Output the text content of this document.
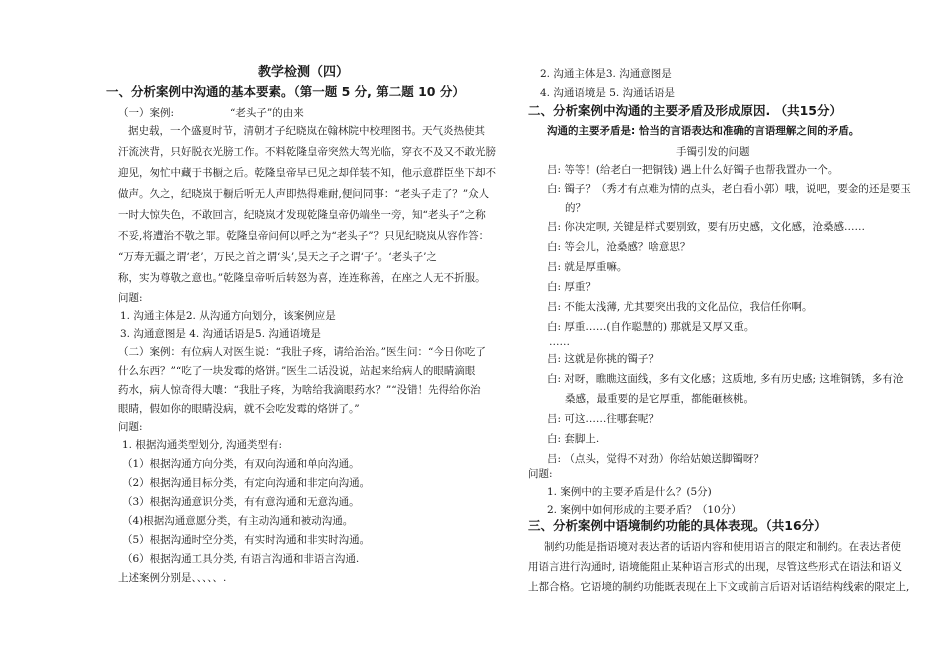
教学检测（四）
一、分析案例中沟通的基本要素。（第一题 5 分, 第二题 10 分）
（一）案例:	“老头子”的由来
据史载，一个盛夏时节，清朝才子纪晓岚在翰林院中校理图书。天气炎热使其
汗流浃背，只好脱衣光膀工作。不料乾隆皇帝突然大驾光临，穿衣不及又不敢光膀
迎见，匆忙中藏于书橱之后。乾隆皇帝早已见之却佯装不知，他示意群臣坐下却不
做声。久之，纪晓岚于橱后听无人声即热得难耐,便问同事：“老头子走了？”众人
一时大惊失色，不敢回言，纪晓岚才发现乾隆皇帝仍端坐一旁，知“老头子”之称
不妥,将遭治不敬之罪。乾隆皇帝问何以呼之为“老头子”？只见纪晓岚从容作答：
“万寿无疆之谓‘老’，万民之首之谓‘头’,昊天之子之谓‘子’。‘老头子’之
称，实为尊敬之意也。”乾隆皇帝听后转怒为喜，连连称善，在座之人无不折服。
问题:
1. 沟通主体是2. 从沟通方向划分，该案例应是
3. 沟通意图是 4. 沟通话语是5. 沟通语境是
（二）案例：有位病人对医生说：“我肚子疼，请给治治。”医生问：“今日你吃了
什么东西？”“吃了一块发霉的烙饼。”医生二话没说，站起来给病人的眼睛滴眼
药水，病人惊奇得大嚷：“我肚子疼，为啥给我滴眼药水？”“没错！先得给你治
眼睛，假如你的眼睛没病，就不会吃发霉的烙饼了。”
问题:
1. 根据沟通类型划分, 沟通类型有:
（1）根据沟通方向分类，有双向沟通和单向沟通。
（2）根据沟通目标分类，有定向沟通和非定向沟通。
（3）根据沟通意识分类，有有意沟通和无意沟通。
（4)根据沟通意愿分类，有主动沟通和被动沟通。
（5）根据沟通时空分类，有实时沟通和非实时沟通。
（6）根据沟通工具分类, 有语言沟通和非语言沟通.
上述案例分别是、、、、、.
2. 沟通主体是3. 沟通意图是
4. 沟通语境是 5. 沟通话语是
二、分析案例中沟通的主要矛盾及形成原因. （共15分）
沟通的主要矛盾是: 恰当的言语表达和准确的言语理解之间的矛盾。
手镯引发的问题
吕: 等等！(给老白一把铜钱) 遇上什么好镯子也帮我置办一个。
白: 镯子？（秀才有点难为情的点头，老白看小郭）哦，说吧，要金的还是要玉
的？
吕: 你决定呗, 关键是样式要别致，要有历史感，文化感，沧桑感……
白: 等会儿，沧桑感？啥意思？
吕: 就是厚重嘛。
白: 厚重？
吕: 不能太浅薄, 尤其要突出我的文化品位，我信任你啊。
白: 厚重……(自作聪慧的) 那就是又厚又重。
……
吕: 这就是你挑的镯子？
白: 对呀，瞧瞧这面线，多有文化感；这质地, 多有历史感; 这堆铜锈，多有沧
桑感，最重要的是它厚重，都能砸核桃。
吕: 可这……往哪套呢？
白: 套脚上.
吕: （点头，觉得不对劲）你给姑娘送脚镯呀？
问题:
1. 案例中的主要矛盾是什么？(5分)
2. 案例中如何形成的主要矛盾？（10分）
三、分析案例中语境制约功能的具体表现。（共16分）
制约功能是指语境对表达者的话语内容和使用语言的限定和制约。在表达者使
用语言进行沟通时, 语境能阻止某种语言形式的出现，尽管这些形式在语法和语义
上都合格。它语境的制约功能既表现在上下文或前言后语对话语结构线索的限定上,
